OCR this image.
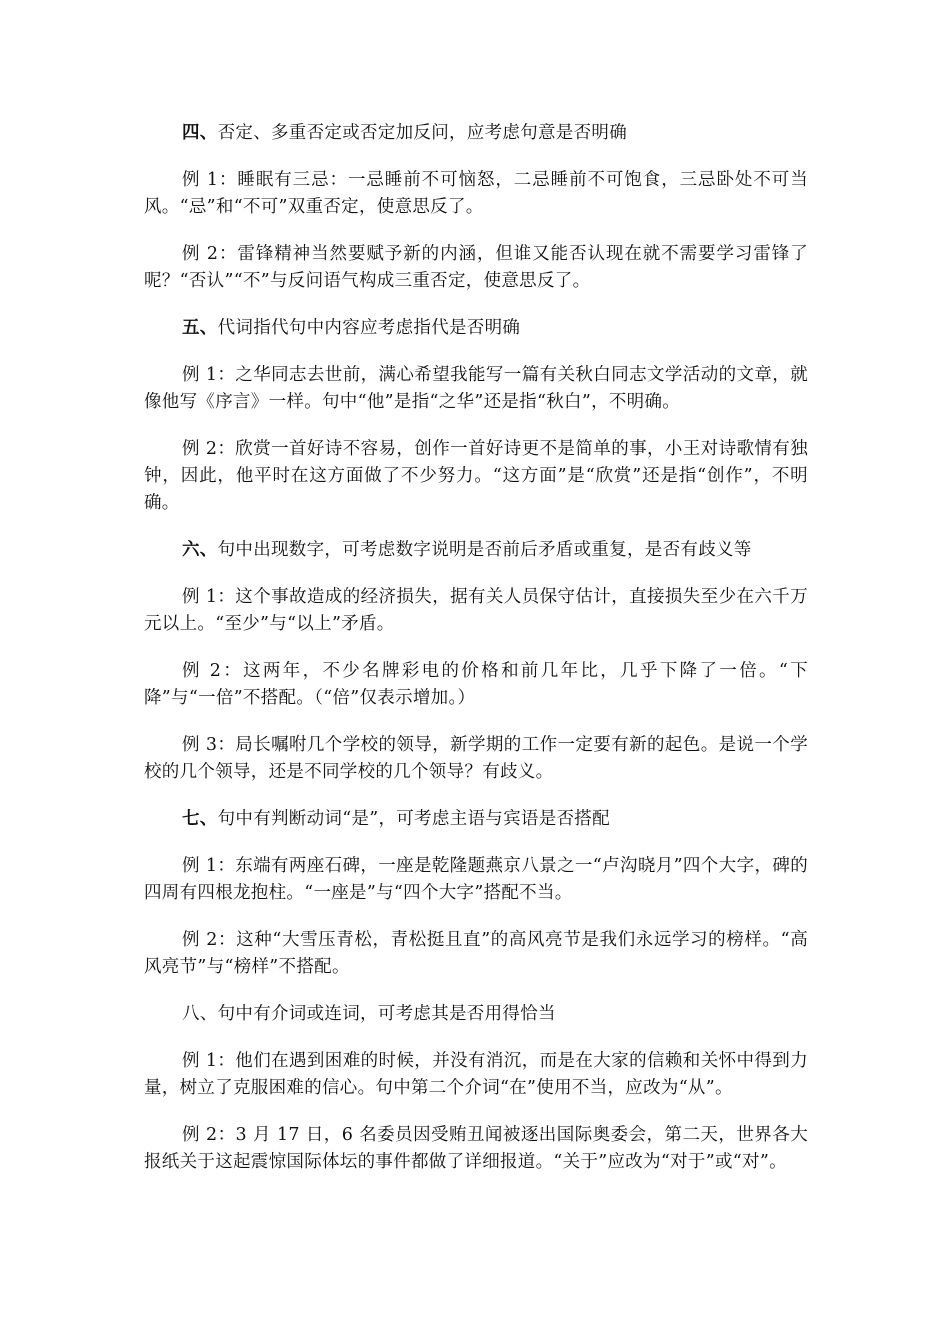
四、否定、多重否定或否定加反问，应考虑句意是否明确

例 1：睡眠有三忌：一忌睡前不可恼怒，二忌睡前不可饱食，三忌卧处不可当风。“忌”和“不可”双重否定，使意思反了。

例 2：雷锋精神当然要赋予新的内涵，但谁又能否认现在就不需要学习雷锋了呢？“否认”“不”与反问语气构成三重否定，使意思反了。

五、代词指代句中内容应考虑指代是否明确

例 1：之华同志去世前，满心希望我能写一篇有关秋白同志文学活动的文章，就像他写《序言》一样。句中“他”是指“之华”还是指“秋白”，不明确。

例 2：欣赏一首好诗不容易，创作一首好诗更不是简单的事，小王对诗歌情有独钟，因此，他平时在这方面做了不少努力。“这方面”是“欣赏”还是指“创作”，不明确。

六、句中出现数字，可考虑数字说明是否前后矛盾或重复，是否有歧义等

例 1：这个事故造成的经济损失，据有关人员保守估计，直接损失至少在六千万元以上。“至少”与“以上”矛盾。

例 2：这两年，不少名牌彩电的价格和前几年比，几乎下降了一倍。“下降”与“一倍”不搭配。（“倍”仅表示增加。）

例 3：局长嘱咐几个学校的领导，新学期的工作一定要有新的起色。是说一个学校的几个领导，还是不同学校的几个领导？有歧义。

七、句中有判断动词“是”，可考虑主语与宾语是否搭配

例 1：东端有两座石碑，一座是乾隆题燕京八景之一“卢沟晓月”四个大字，碑的四周有四根龙抱柱。“一座是”与“四个大字”搭配不当。

例 2：这种“大雪压青松，青松挺且直”的高风亮节是我们永远学习的榜样。“高风亮节”与“榜样”不搭配。

八、句中有介词或连词，可考虑其是否用得恰当

例 1：他们在遇到困难的时候，并没有消沉，而是在大家的信赖和关怀中得到力量，树立了克服困难的信心。句中第二个介词“在”使用不当，应改为“从”。

例 2：3 月 17 日，6 名委员因受贿丑闻被逐出国际奥委会，第二天，世界各大报纸关于这起震惊国际体坛的事件都做了详细报道。“关于”应改为“对于”或“对”。
